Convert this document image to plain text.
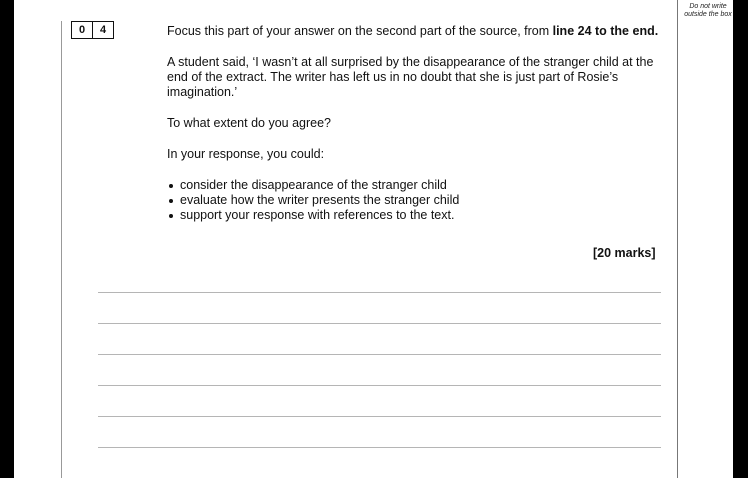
Do not write outside the box
0	4	Focus this part of your answer on the second part of the source, from line 24 to the end.

A student said, ‘I wasn’t at all surprised by the disappearance of the stranger child at the end of the extract. The writer has left us in no doubt that she is just part of Rosie’s imagination.’

To what extent do you agree?

In your response, you could:

consider the disappearance of the stranger child
evaluate how the writer presents the stranger child
support your response with references to the text.
[20 marks]
